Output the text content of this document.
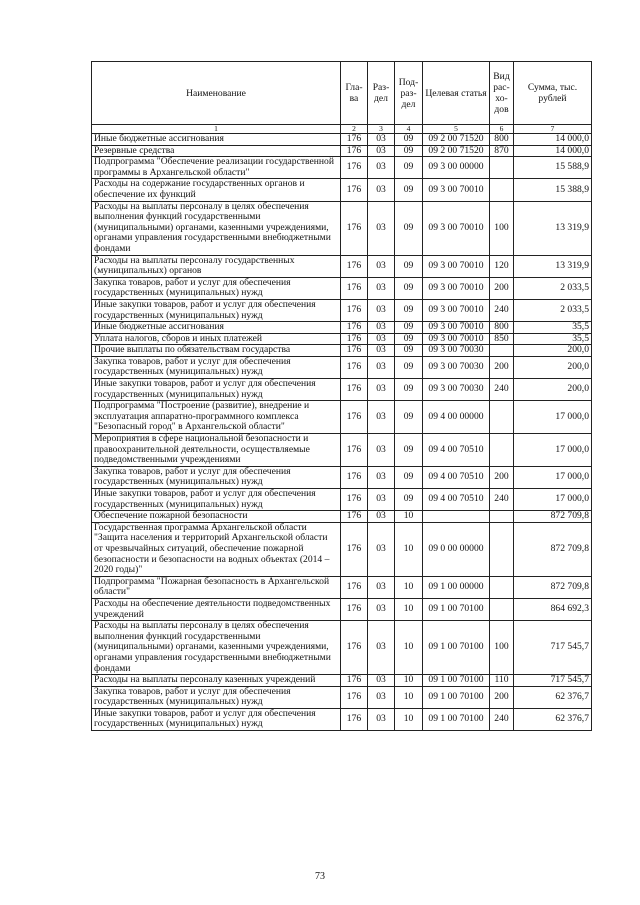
Наименование	Гла-ва	Раз-дел	Под-раз-дел	Целевая статья	Вид рас-хо-дов	Сумма, тыс. рублей
1	2	3	4	5	6	7
Иные бюджетные ассигнования	176	03	09	09 2 00 71520	800	14 000,0
Резервные средства	176	03	09	09 2 00 71520	870	14 000,0
Подпрограмма "Обеспечение реализации государственной программы в Архангельской области"	176	03	09	09 3 00 00000		15 588,9
Расходы на содержание государственных органов и обеспечение их функций	176	03	09	09 3 00 70010		15 388,9
Расходы на выплаты персоналу в целях обеспечения выполнения функций государственными (муниципальными) органами, казенными учреждениями, органами управления государственными внебюджетными фондами	176	03	09	09 3 00 70010	100	13 319,9
Расходы на выплаты персоналу государственных (муниципальных) органов	176	03	09	09 3 00 70010	120	13 319,9
Закупка товаров, работ и услуг для обеспечения государственных (муниципальных) нужд	176	03	09	09 3 00 70010	200	2 033,5
Иные закупки товаров, работ и услуг для обеспечения государственных (муниципальных) нужд	176	03	09	09 3 00 70010	240	2 033,5
Иные бюджетные ассигнования	176	03	09	09 3 00 70010	800	35,5
Уплата налогов, сборов и иных платежей	176	03	09	09 3 00 70010	850	35,5
Прочие выплаты по обязательствам государства	176	03	09	09 3 00 70030		200,0
Закупка товаров, работ и услуг для обеспечения государственных (муниципальных) нужд	176	03	09	09 3 00 70030	200	200,0
Иные закупки товаров, работ и услуг для обеспечения государственных (муниципальных) нужд	176	03	09	09 3 00 70030	240	200,0
Подпрограмма "Построение (развитие), внедрение и эксплуатация аппаратно-программного комплекса "Безопасный город" в Архангельской области"	176	03	09	09 4 00 00000		17 000,0
Мероприятия в сфере национальной безопасности и правоохранительной деятельности, осуществляемые подведомственными учреждениями	176	03	09	09 4 00 70510		17 000,0
Закупка товаров, работ и услуг для обеспечения государственных (муниципальных) нужд	176	03	09	09 4 00 70510	200	17 000,0
Иные закупки товаров, работ и услуг для обеспечения государственных (муниципальных) нужд	176	03	09	09 4 00 70510	240	17 000,0
Обеспечение пожарной безопасности	176	03	10			872 709,8
Государственная программа Архангельской области "Защита населения и территорий Архангельской области от чрезвычайных ситуаций, обеспечение пожарной безопасности и безопасности на водных объектах (2014 – 2020 годы)"	176	03	10	09 0 00 00000		872 709,8
Подпрограмма "Пожарная безопасность в Архангельской области"	176	03	10	09 1 00 00000		872 709,8
Расходы на обеспечение деятельности подведомственных учреждений	176	03	10	09 1 00 70100		864 692,3
Расходы на выплаты персоналу в целях обеспечения выполнения функций государственными (муниципальными) органами, казенными учреждениями, органами управления государственными внебюджетными фондами	176	03	10	09 1 00 70100	100	717 545,7
Расходы на выплаты персоналу казенных учреждений	176	03	10	09 1 00 70100	110	717 545,7
Закупка товаров, работ и услуг для обеспечения государственных (муниципальных) нужд	176	03	10	09 1 00 70100	200	62 376,7
Иные закупки товаров, работ и услуг для обеспечения государственных (муниципальных) нужд	176	03	10	09 1 00 70100	240	62 376,7
73
